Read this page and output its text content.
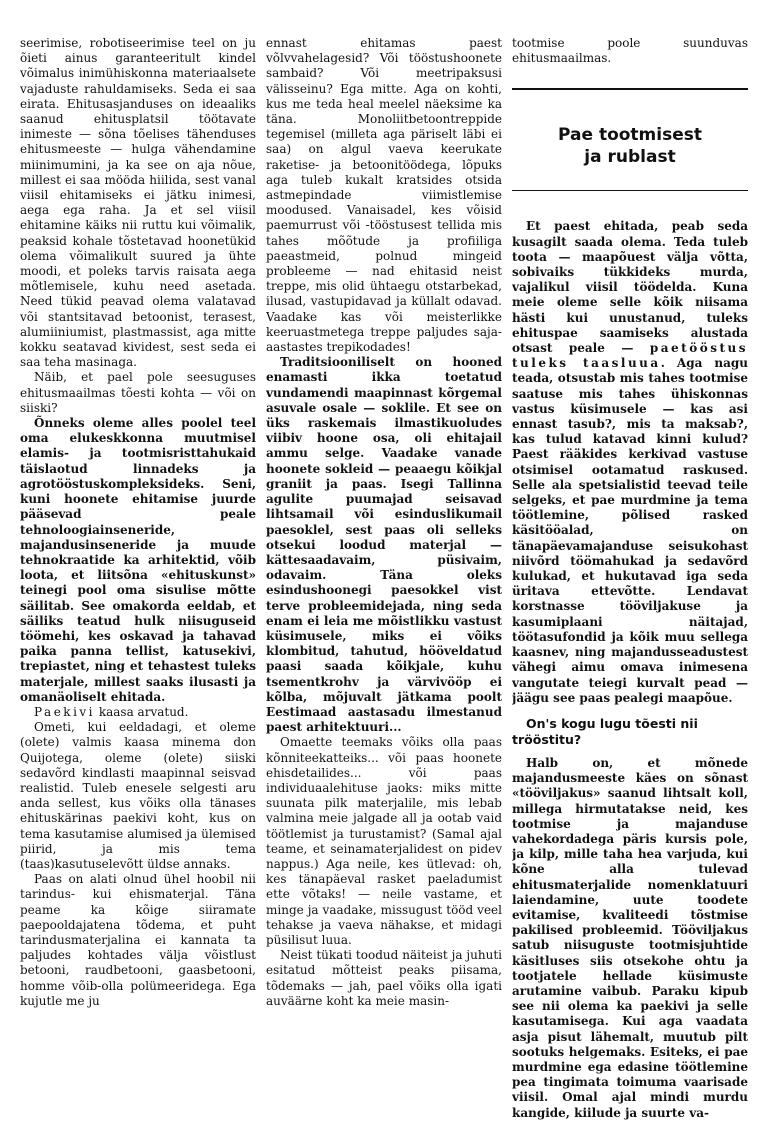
seerimise, robotiseerimise teel on ju õieti ainus garanteeritult kindel võimalus inimühiskonna materiaalsete vajaduste rahuldamiseks. Seda ei saa eirata. Ehitusasjanduses on ideaaliks saanud ehitusplatsil töötavate inimeste — sõna tõelises tähenduses ehitusmeeste — hulga vähendamine miinimumini, ja ka see on aja nõue, millest ei saa mööda hiilida, sest vanal viisil ehitamiseks ei jätku inimesi, aega ega raha. Ja et sel viisil ehitamine käiks nii ruttu kui võimalik, peaksid kohale tõstetavad hoonetükid olema võimalikult suured ja ühte moodi, et poleks tarvis raisata aega mõtlemisele, kuhu need asetada. Need tükid peavad olema valatavad või stantsitavad betoonist, terasest, alumiiniumist, plastmassist, aga mitte kokku seatavad kividest, sest seda ei saa teha masinaga.

Näib, et pael pole seesuguses ehitusmaailmas tõesti kohta — või on siiski?

Õnneks oleme alles poolel teel oma elukeskkonna muutmisel elamis- ja tootmisristtahukaid täislaotud linnadeks ja agrotööstuskompleksideks. Seni, kuni hoonete ehitamise juurde pääsevad peale tehnoloogiainseneride, majandusinseneride ja muude tehnokraatide ka arhitektid, võib loota, et liitsõna «ehituskunst» teinegi pool oma sisulise mõtte säilitab. See omakorda eeldab, et säiliks teatud hulk niisuguseid töömehi, kes oskavad ja tahavad paika panna tellist, katusekivi, trepiastet, ning et tehastest tuleks materjale, millest saaks ilusasti ja omanäoliselt ehitada.

Paekivi kaasa arvatud.

Ometi, kui eeldadagi, et oleme (olete) valmis kaasa minema don Quijotega, oleme (olete) siiski sedavõrd kindlasti maapinnal seisvad realistid. Tuleb enesele selgesti aru anda sellest, kus võiks olla tänases ehituskärinas paekivi koht, kus on tema kasutamise alumised ja ülemised piirid, ja mis tema (taas)kasutuselevõtt üldse annaks.

Paas on alati olnud ühel hoobil nii tarindus- kui ehismaterjal. Täna peame ka kõige siiramate paepooldajatena tõdema, et puht tarindusmaterjalina ei kannata ta paljudes kohtades välja võistlust betooni, raudbetooni, gaasbetooni, homme võib-olla polümeeridega. Ega kujutle me ju

ennast ehitamas paest võlvvahelagesid? Või tööstushoonete sambaid? Või meetripaksusi välisseinu? Ega mitte. Aga on kohti, kus me teda heal meelel näeksime ka täna. Monoliitbetoontreppide tegemisel (milleta aga päriselt läbi ei saa) on algul vaeva keerukate raketise- ja betoonitöödega, lõpuks aga tuleb kukalt kratsides otsida astmepindade viimistlemise moodused. Vanaisadel, kes võisid paemurrust või -tööstusest tellida mis tahes mõõtude ja profiiliga paeastmeid, polnud mingeid probleeme — nad ehitasid neist treppe, mis olid ühtaegu otstarbekad, ilusad, vastupidavad ja küllalt odavad. Vaadake kas või meisterlikke keeruastmetega treppe paljudes saja-aastastes trepikodades!

Traditsiooniliselt on hooned enamasti ikka toetatud vundamendi maapinnast kõrgemal asuvale osale — soklile. Et see on üks raskemais ilmastikuoludes viibiv hoone osa, oli ehitajail ammu selge. Vaadake vanade hoonete sokleid — peaaegu kõikjal graniit ja paas. Isegi Tallinna agulite puumajad seisavad lihtsamail või esinduslikumail paesoklel, sest paas oli selleks otsekui loodud materjal — kättesaadavaim, püsivaim, odavaim. Täna oleks esindushoonegi paesokkel vist terve probleemidejada, ning seda enam ei leia me mõistlikku vastust küsimusele, miks ei võiks klombitud, tahutud, hööveldatud paasi saada kõikjale, kuhu tsementkrohv ja värvivööp ei kõlba, mõjuvalt jätkama poolt Eestimaad aastasadu ilmestanud paest arhitektuuri...

Omaette teemaks võiks olla paas kõnniteekatteiks... või paas hoonete ehisdetailides... või paas individuaalehituse jaoks: miks mitte suunata pilk materjalile, mis lebab valmina meie jalgade all ja ootab vaid töötlemist ja turustamist? (Samal ajal teame, et seinamaterjalidest on pidev nappus.) Aga neile, kes ütlevad: oh, kes tänapäeval rasket paeladumist ette võtaks! — neile vastame, et minge ja vaadake, missugust tööd veel tehakse ja vaeva nähakse, et midagi püsilisut luua.

Neist tükati toodud näiteist ja juhuti esitatud mõtteist peaks piisama, tõdemaks — jah, pael võiks olla igati auväärne koht ka meie masin-

tootmise poole suunduvas ehitusmaailmas.

Pae tootmisest
ja rublast

Et paest ehitada, peab seda kusagilt saada olema. Teda tuleb toota — maapõuest välja võtta, sobivaiks tükkideks murda, vajalikul viisil töödelda. Kuna meie oleme selle kõik niisama hästi kui unustanud, tuleks ehituspae saamiseks alustada otsast peale — paetööstus tuleks taasluua. Aga nagu teada, otsustab mis tahes tootmise saatuse mis tahes ühiskonnas vastus küsimusele — kas asi ennast tasub?, mis ta maksab?, kas tulud katavad kinni kulud? Paest rääkides kerkivad vastuse otsimisel ootamatud raskused. Selle ala spetsialistid teevad teile selgeks, et pae murdmine ja tema töötlemine, põlised rasked käsitööalad, on tänapäevamajanduse seisukohast niivõrd töömahukad ja sedavõrd kulukad, et hukutavad iga seda üritava ettevõtte. Lendavat korstnasse tööviljakuse ja kasumiplaani näitajad, töötasufondid ja kõik muu sellega kaasnev, ning majandusseadustest vähegi aimu omava inimesena vangutate teiegi kurvalt pead — jäägu see paas pealegi maapõue.

On's kogu lugu tõesti nii trööstitu?

Halb on, et mõnede majandusmeeste käes on sõnast «tööviljakus» saanud lihtsalt koll, millega hirmutatakse neid, kes tootmise ja majanduse vahekordadega päris kursis pole, ja kilp, mille taha hea varjuda, kui kõne alla tulevad ehitusmaterjalide nomenklatuuri laiendamine, uute toodete evitamise, kvaliteedi tõstmise pakilised probleemid. Tööviljakus satub niisuguste tootmisjuhtide käsitluses siis otsekohe ohtu ja tootjatele hellade küsimuste arutamine vaibub. Paraku kipub see nii olema ka paekivi ja selle kasutamisega. Kui aga vaadata asja pisut lähemalt, muutub pilt sootuks helgemaks. Esiteks, ei pae murdmine ega edasine töötlemine pea tingimata toimuma vaarisade viisil. Omal ajal mindi murdu kangide, kiilude ja suurte va-
